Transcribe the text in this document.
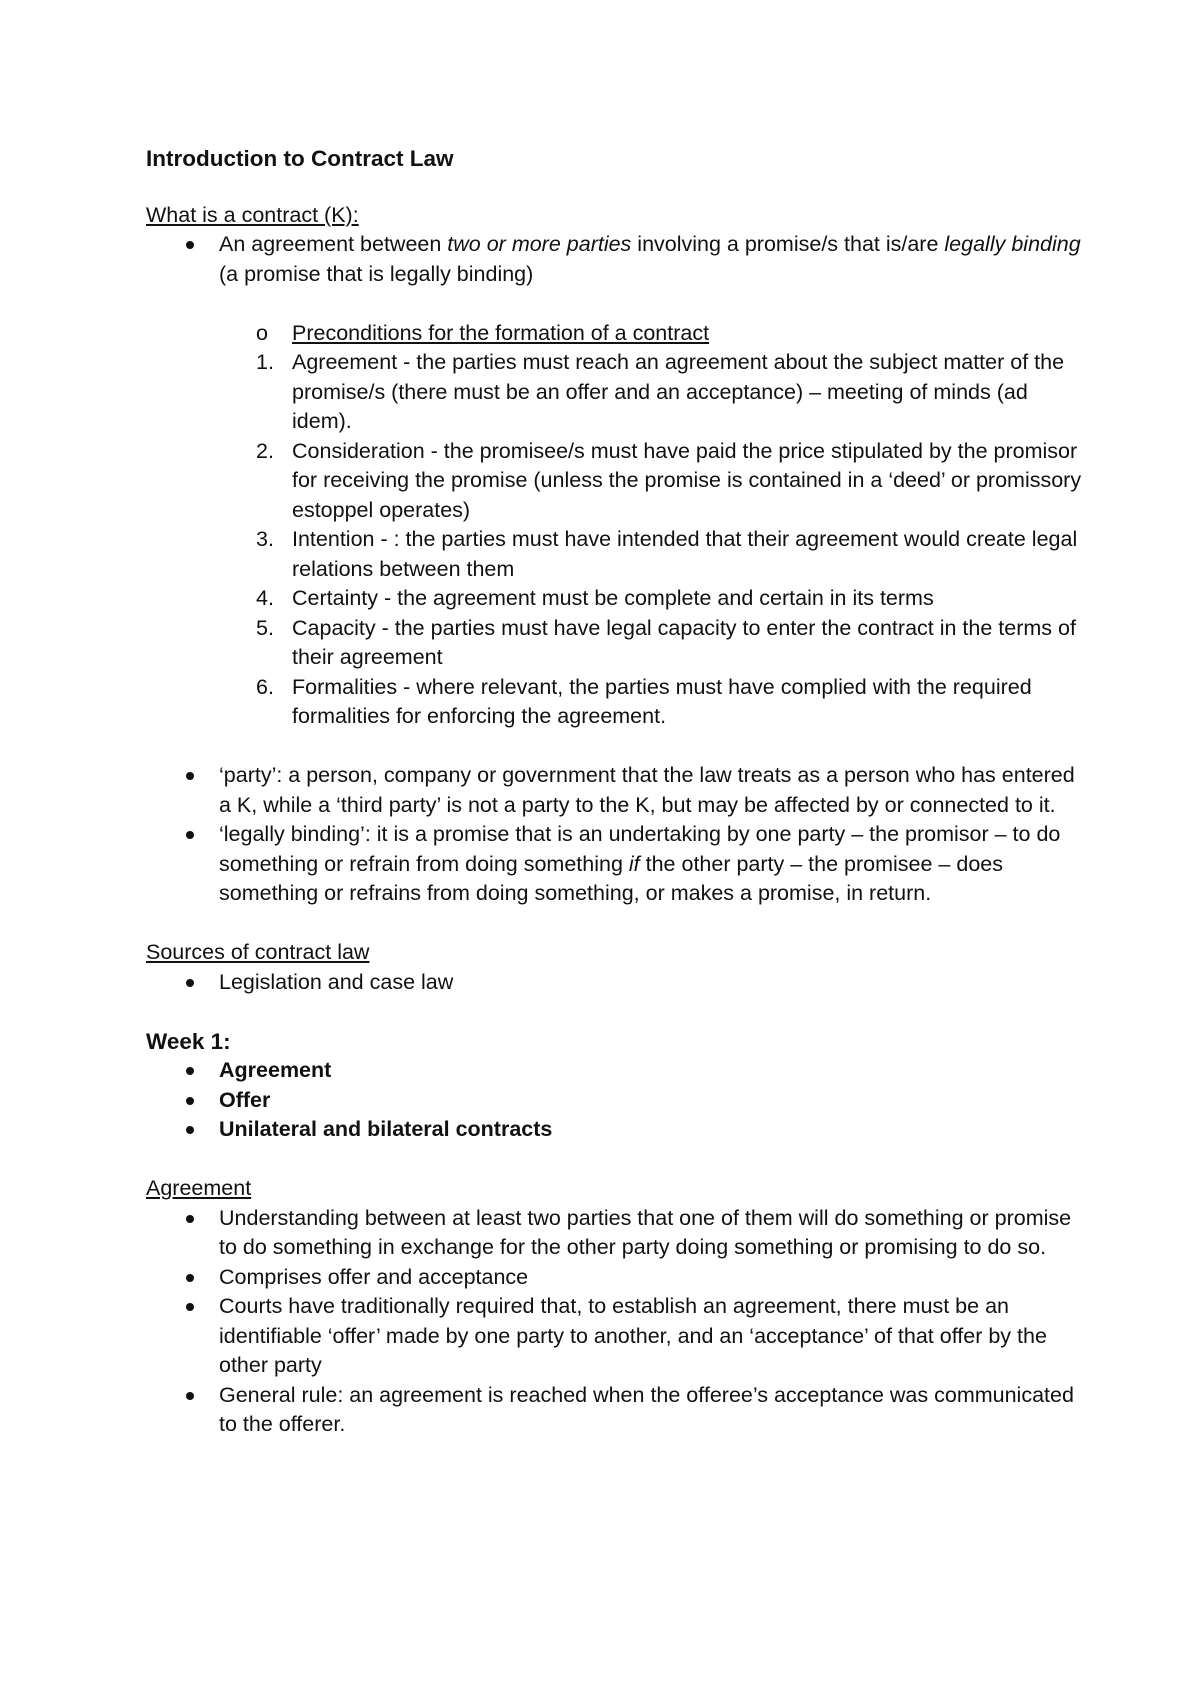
Introduction to Contract Law
What is a contract (K):
An agreement between two or more parties involving a promise/s that is/are legally binding (a promise that is legally binding)
o Preconditions for the formation of a contract
1. Agreement - the parties must reach an agreement about the subject matter of the promise/s (there must be an offer and an acceptance) – meeting of minds (ad idem).
2. Consideration - the promisee/s must have paid the price stipulated by the promisor for receiving the promise (unless the promise is contained in a ‘deed’ or promissory estoppel operates)
3. Intention - : the parties must have intended that their agreement would create legal relations between them
4. Certainty - the agreement must be complete and certain in its terms
5. Capacity - the parties must have legal capacity to enter the contract in the terms of their agreement
6. Formalities - where relevant, the parties must have complied with the required formalities for enforcing the agreement.
‘party’: a person, company or government that the law treats as a person who has entered a K, while a ‘third party’ is not a party to the K, but may be affected by or connected to it.
‘legally binding’: it is a promise that is an undertaking by one party – the promisor – to do something or refrain from doing something if the other party – the promisee – does something or refrains from doing something, or makes a promise, in return.
Sources of contract law
Legislation and case law
Week 1:
Agreement
Offer
Unilateral and bilateral contracts
Agreement
Understanding between at least two parties that one of them will do something or promise to do something in exchange for the other party doing something or promising to do so.
Comprises offer and acceptance
Courts have traditionally required that, to establish an agreement, there must be an identifiable ‘offer’ made by one party to another, and an ‘acceptance’ of that offer by the other party
General rule: an agreement is reached when the offeree’s acceptance was communicated to the offerer.
